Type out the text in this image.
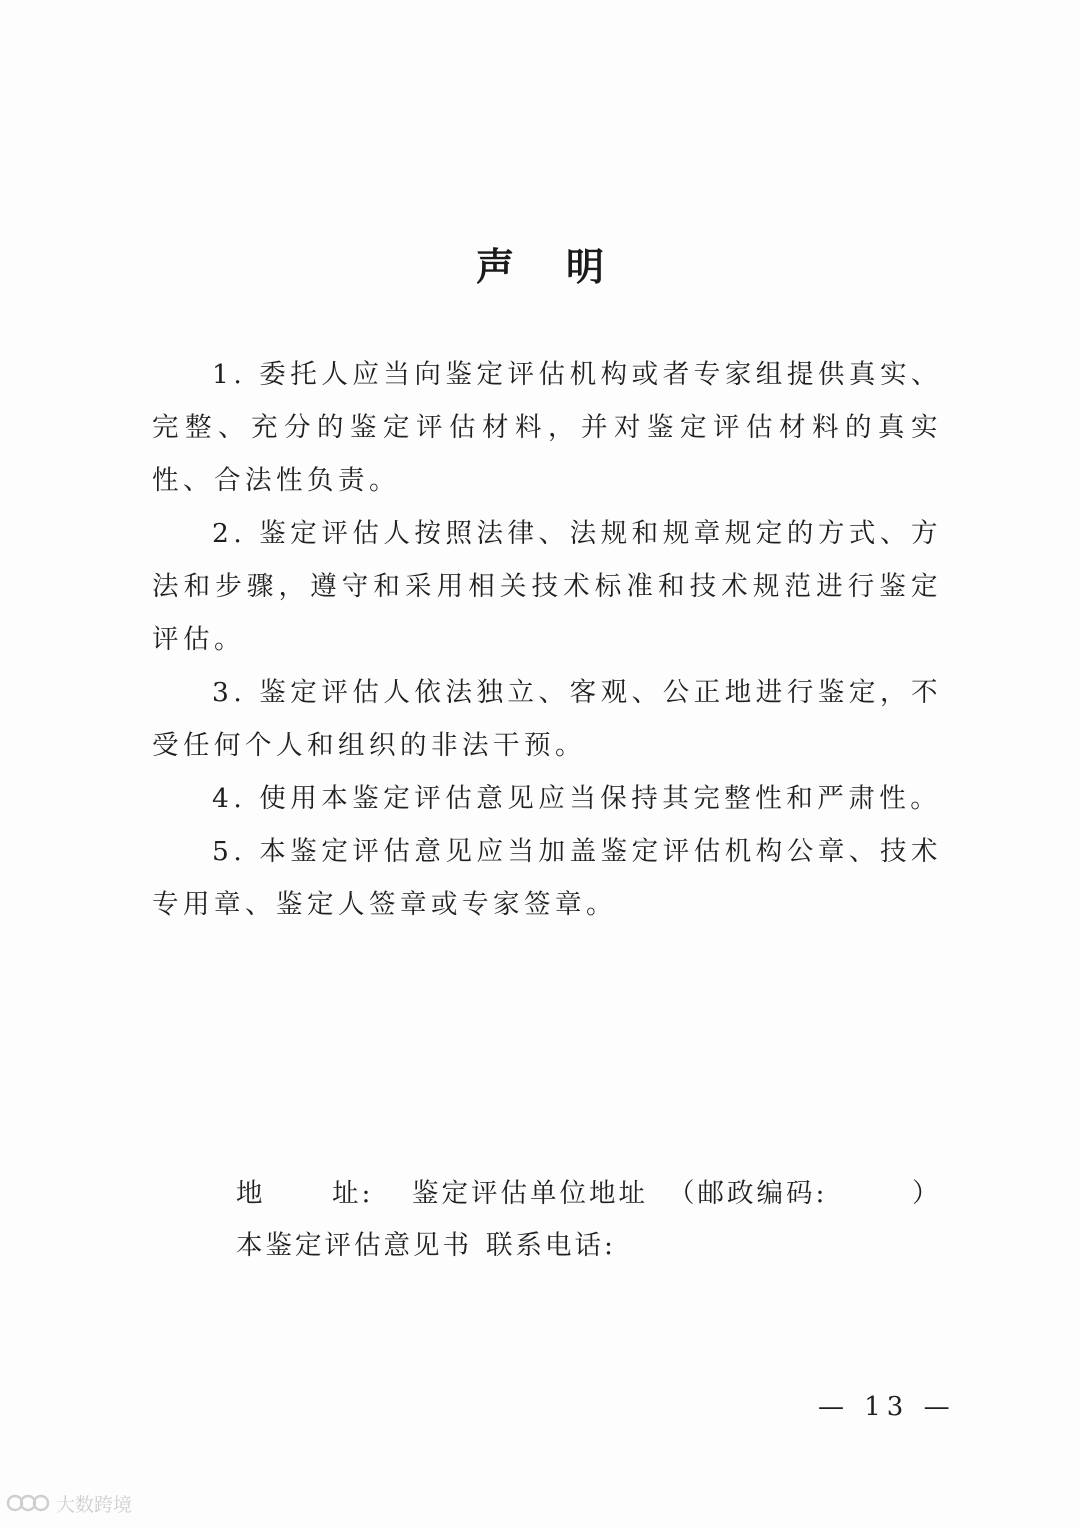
声 明

1. 委托人应当向鉴定评估机构或者专家组提供真实、完整、充分的鉴定评估材料，并对鉴定评估材料的真实性、合法性负责。

2. 鉴定评估人按照法律、法规和规章规定的方式、方法和步骤，遵守和采用相关技术标准和技术规范进行鉴定评估。

3. 鉴定评估人依法独立、客观、公正地进行鉴定，不受任何个人和组织的非法干预。

4. 使用本鉴定评估意见应当保持其完整性和严肃性。

5. 本鉴定评估意见应当加盖鉴定评估机构公章、技术专用章、鉴定人签章或专家签章。

地	址: 鉴定评估单位地址 （邮政编码:	）
本鉴定评估意见书 联系电话:
— 13 —
大数跨境
